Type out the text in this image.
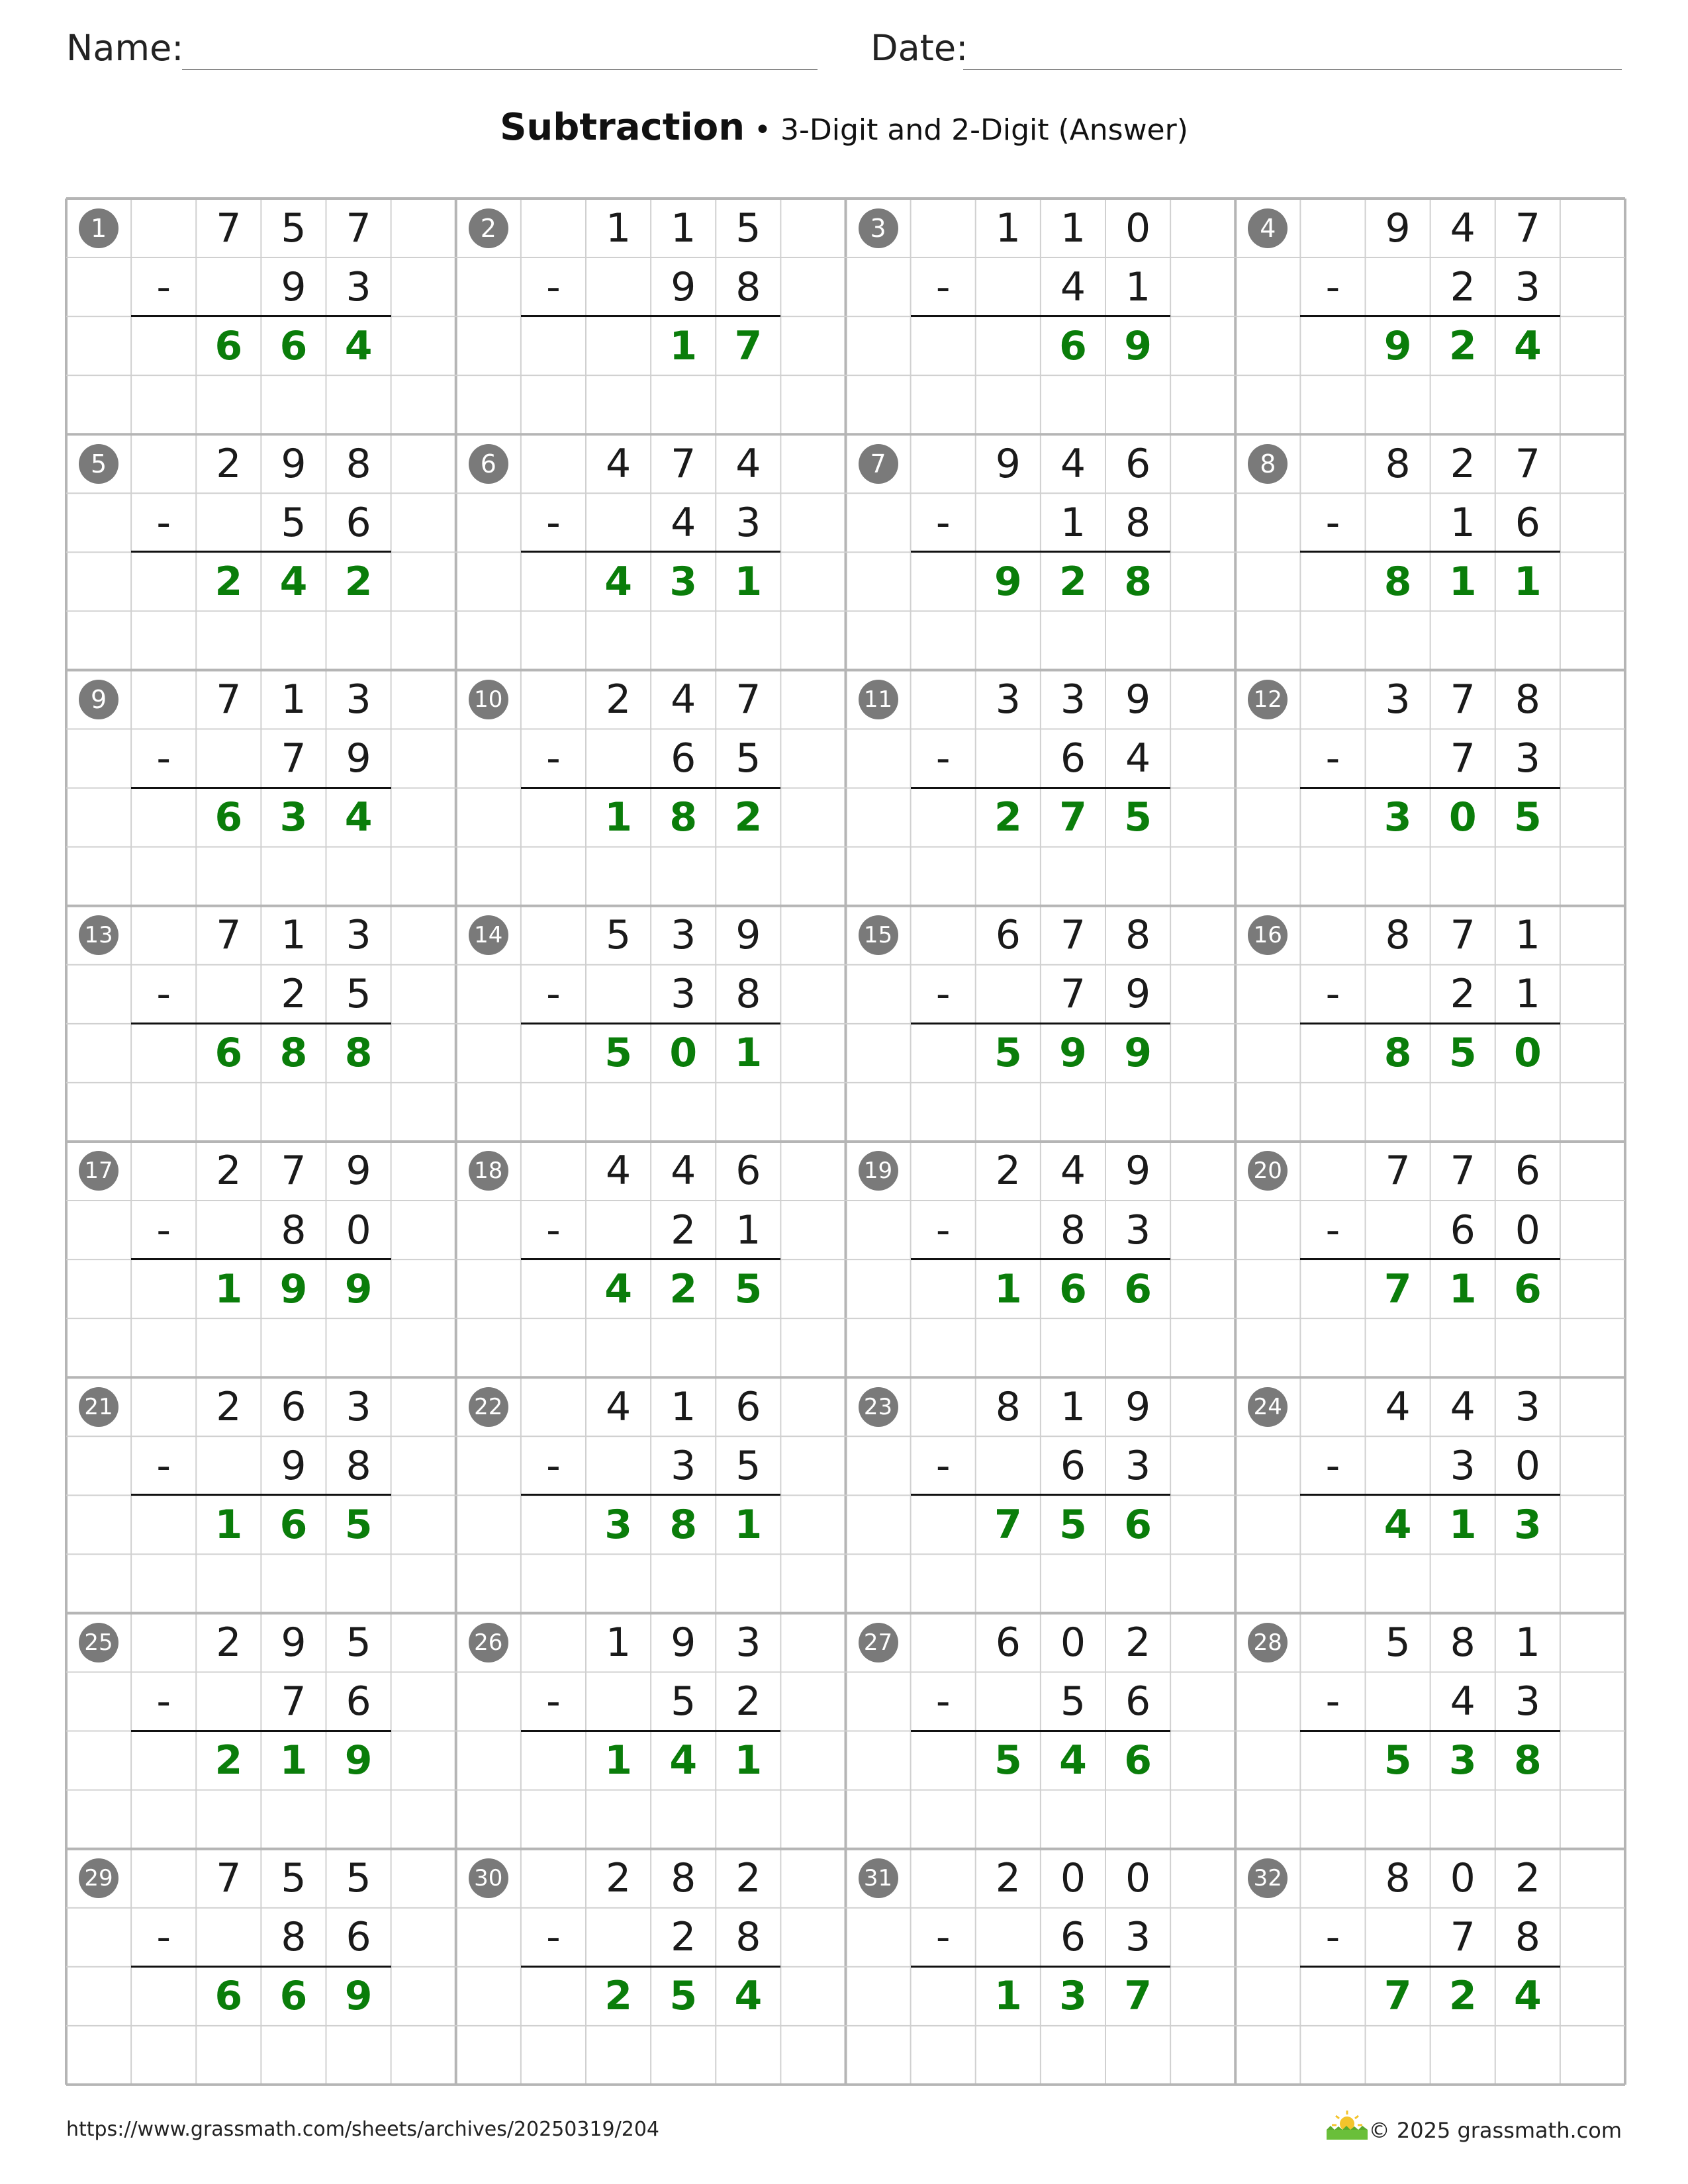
Name:	Date:
Subtraction • 3-Digit and 2-Digit (Answer)
1	7 5 7
-	9 3
6 6 4
2	1 1 5
-	9 8
1 7
3	1 1 0
-	4 1
6 9
4	9 4 7
-	2 3
9 2 4
5	2 9 8
-	5 6
2 4 2
6	4 7 4
-	4 3
4 3 1
7	9 4 6
-	1 8
9 2 8
8	8 2 7
-	1 6
8 1 1
9	7 1 3
-	7 9
6 3 4
10	2 4 7
-	6 5
1 8 2
11	3 3 9
-	6 4
2 7 5
12	3 7 8
-	7 3
3 0 5
13	7 1 3
-	2 5
6 8 8
14	5 3 9
-	3 8
5 0 1
15	6 7 8
-	7 9
5 9 9
16	8 7 1
-	2 1
8 5 0
17	2 7 9
-	8 0
1 9 9
18	4 4 6
-	2 1
4 2 5
19	2 4 9
-	8 3
1 6 6
20	7 7 6
-	6 0
7 1 6
21	2 6 3
-	9 8
1 6 5
22	4 1 6
-	3 5
3 8 1
23	8 1 9
-	6 3
7 5 6
24	4 4 3
-	3 0
4 1 3
25	2 9 5
-	7 6
2 1 9
26	1 9 3
-	5 2
1 4 1
27	6 0 2
-	5 6
5 4 6
28	5 8 1
-	4 3
5 3 8
29	7 5 5
-	8 6
6 6 9
30	2 8 2
-	2 8
2 5 4
31	2 0 0
-	6 3
1 3 7
32	8 0 2
-	7 8
7 2 4
https://www.grassmath.com/sheets/archives/20250319/204	© 2025 grassmath.com
